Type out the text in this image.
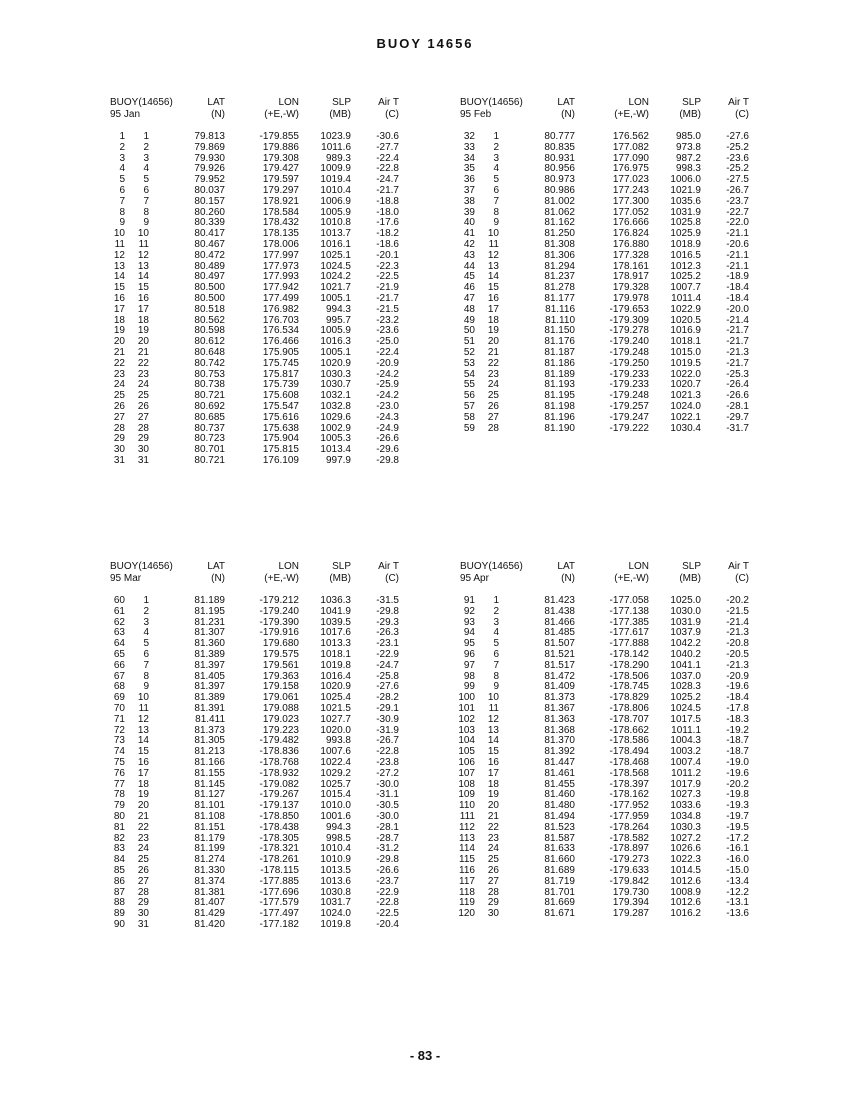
BUOY 14656
BUOY(14656)
95 Jan
LAT
(N)
LON
(+E,-W)
SLP
(MB)
Air T
(C)
1	1	79.813	-179.855	1023.9	-30.6
2	2	79.869	179.886	1011.6	-27.7
3	3	79.930	179.308	989.3	-22.4
4	4	79.926	179.427	1009.9	-22.8
5	5	79.952	179.597	1019.4	-24.7
6	6	80.037	179.297	1010.4	-21.7
7	7	80.157	178.921	1006.9	-18.8
8	8	80.260	178.584	1005.9	-18.0
9	9	80.339	178.432	1010.8	-17.6
10	10	80.417	178.135	1013.7	-18.2
11	11	80.467	178.006	1016.1	-18.6
12	12	80.472	177.997	1025.1	-20.1
13	13	80.489	177.973	1024.5	-22.3
14	14	80.497	177.993	1024.2	-22.5
15	15	80.500	177.942	1021.7	-21.9
16	16	80.500	177.499	1005.1	-21.7
17	17	80.518	176.982	994.3	-21.5
18	18	80.562	176.703	995.7	-23.2
19	19	80.598	176.534	1005.9	-23.6
20	20	80.612	176.466	1016.3	-25.0
21	21	80.648	175.905	1005.1	-22.4
22	22	80.742	175.745	1020.9	-20.9
23	23	80.753	175.817	1030.3	-24.2
24	24	80.738	175.739	1030.7	-25.9
25	25	80.721	175.608	1032.1	-24.2
26	26	80.692	175.547	1032.8	-23.0
27	27	80.685	175.616	1029.6	-24.3
28	28	80.737	175.638	1002.9	-24.9
29	29	80.723	175.904	1005.3	-26.6
30	30	80.701	175.815	1013.4	-29.6
31	31	80.721	176.109	997.9	-29.8
BUOY(14656)
95 Feb
LAT
(N)
LON
(+E,-W)
SLP
(MB)
Air T
(C)
32	1	80.777	176.562	985.0	-27.6
33	2	80.835	177.082	973.8	-25.2
34	3	80.931	177.090	987.2	-23.6
35	4	80.956	176.975	998.3	-25.2
36	5	80.973	177.023	1006.0	-27.5
37	6	80.986	177.243	1021.9	-26.7
38	7	81.002	177.300	1035.6	-23.7
39	8	81.062	177.052	1031.9	-22.7
40	9	81.162	176.666	1025.8	-22.0
41	10	81.250	176.824	1025.9	-21.1
42	11	81.308	176.880	1018.9	-20.6
43	12	81.306	177.328	1016.5	-21.1
44	13	81.294	178.161	1012.3	-21.1
45	14	81.237	178.917	1025.2	-18.9
46	15	81.278	179.328	1007.7	-18.4
47	16	81.177	179.978	1011.4	-18.4
48	17	81.116	-179.653	1022.9	-20.0
49	18	81.110	-179.309	1020.5	-21.4
50	19	81.150	-179.278	1016.9	-21.7
51	20	81.176	-179.240	1018.1	-21.7
52	21	81.187	-179.248	1015.0	-21.3
53	22	81.186	-179.250	1019.5	-21.7
54	23	81.189	-179.233	1022.0	-25.3
55	24	81.193	-179.233	1020.7	-26.4
56	25	81.195	-179.248	1021.3	-26.6
57	26	81.198	-179.257	1024.0	-28.1
58	27	81.196	-179.247	1022.1	-29.7
59	28	81.190	-179.222	1030.4	-31.7
BUOY(14656)
95 Mar
LAT
(N)
LON
(+E,-W)
SLP
(MB)
Air T
(C)
60	1	81.189	-179.212	1036.3	-31.5
61	2	81.195	-179.240	1041.9	-29.8
62	3	81.231	-179.390	1039.5	-29.3
63	4	81.307	-179.916	1017.6	-26.3
64	5	81.360	179.680	1013.3	-23.1
65	6	81.389	179.575	1018.1	-22.9
66	7	81.397	179.561	1019.8	-24.7
67	8	81.405	179.363	1016.4	-25.8
68	9	81.397	179.158	1020.9	-27.6
69	10	81.389	179.061	1025.4	-28.2
70	11	81.391	179.088	1021.5	-29.1
71	12	81.411	179.023	1027.7	-30.9
72	13	81.373	179.223	1020.0	-31.9
73	14	81.305	-179.482	993.8	-26.7
74	15	81.213	-178.836	1007.6	-22.8
75	16	81.166	-178.768	1022.4	-23.8
76	17	81.155	-178.932	1029.2	-27.2
77	18	81.145	-179.082	1025.7	-30.0
78	19	81.127	-179.267	1015.4	-31.1
79	20	81.101	-179.137	1010.0	-30.5
80	21	81.108	-178.850	1001.6	-30.0
81	22	81.151	-178.438	994.3	-28.1
82	23	81.179	-178.305	998.5	-28.7
83	24	81.199	-178.321	1010.4	-31.2
84	25	81.274	-178.261	1010.9	-29.8
85	26	81.330	-178.115	1013.5	-26.6
86	27	81.374	-177.885	1013.6	-23.7
87	28	81.381	-177.696	1030.8	-22.9
88	29	81.407	-177.579	1031.7	-22.8
89	30	81.429	-177.497	1024.0	-22.5
90	31	81.420	-177.182	1019.8	-20.4
BUOY(14656)
95 Apr
LAT
(N)
LON
(+E,-W)
SLP
(MB)
Air T
(C)
91	1	81.423	-177.058	1025.0	-20.2
92	2	81.438	-177.138	1030.0	-21.5
93	3	81.466	-177.385	1031.9	-21.4
94	4	81.485	-177.617	1037.9	-21.3
95	5	81.507	-177.888	1042.2	-20.8
96	6	81.521	-178.142	1040.2	-20.5
97	7	81.517	-178.290	1041.1	-21.3
98	8	81.472	-178.506	1037.0	-20.9
99	9	81.409	-178.745	1028.3	-19.6
100	10	81.373	-178.829	1025.2	-18.4
101	11	81.367	-178.806	1024.5	-17.8
102	12	81.363	-178.707	1017.5	-18.3
103	13	81.368	-178.662	1011.1	-19.2
104	14	81.370	-178.586	1004.3	-18.7
105	15	81.392	-178.494	1003.2	-18.7
106	16	81.447	-178.468	1007.4	-19.0
107	17	81.461	-178.568	1011.2	-19.6
108	18	81.455	-178.397	1017.9	-20.2
109	19	81.460	-178.162	1027.3	-19.8
110	20	81.480	-177.952	1033.6	-19.3
111	21	81.494	-177.959	1034.8	-19.7
112	22	81.523	-178.264	1030.3	-19.5
113	23	81.587	-178.582	1027.2	-17.2
114	24	81.633	-178.897	1026.6	-16.1
115	25	81.660	-179.273	1022.3	-16.0
116	26	81.689	-179.633	1014.5	-15.0
117	27	81.719	-179.842	1012.6	-13.4
118	28	81.701	179.730	1008.9	-12.2
119	29	81.669	179.394	1012.6	-13.1
120	30	81.671	179.287	1016.2	-13.6
- 83 -
